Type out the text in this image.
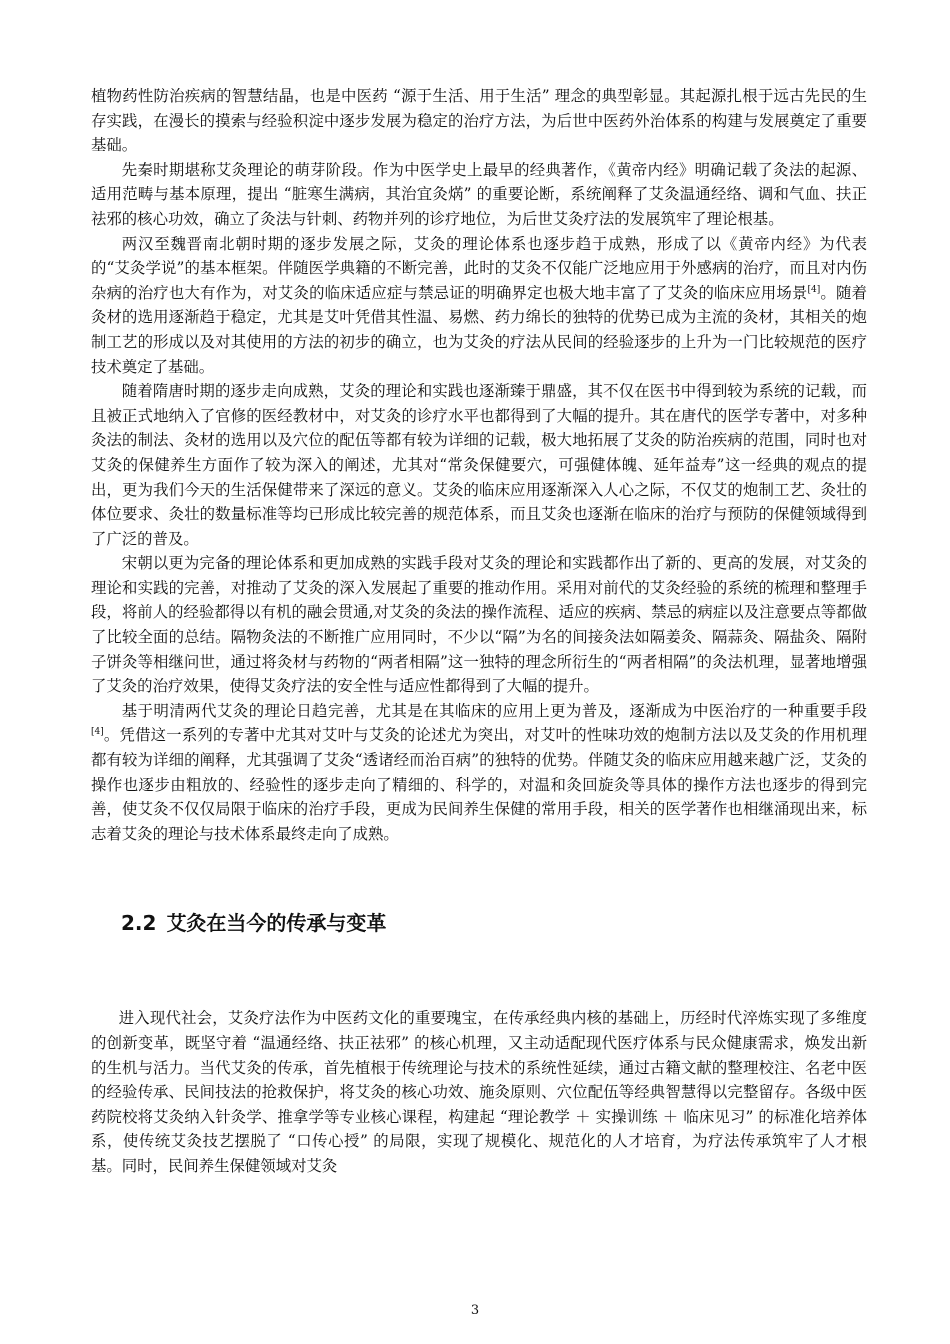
植物药性防治疾病的智慧结晶，也是中医药 “源于生活、用于生活” 理念的典型彰显。其起源扎根于远古先民的生存实践，在漫长的摸索与经验积淀中逐步发展为稳定的治疗方法，为后世中医药外治体系的构建与发展奠定了重要基础。

先秦时期堪称艾灸理论的萌芽阶段。作为中医学史上最早的经典著作，《黄帝内经》明确记载了灸法的起源、适用范畴与基本原理，提出 “脏寒生满病，其治宜灸焫” 的重要论断，系统阐释了艾灸温通经络、调和气血、扶正祛邪的核心功效，确立了灸法与针刺、药物并列的诊疗地位，为后世艾灸疗法的发展筑牢了理论根基。

两汉至魏晋南北朝时期的逐步发展之际，艾灸的理论体系也逐步趋于成熟，形成了以《黄帝内经》为代表的“艾灸学说”的基本框架。伴随医学典籍的不断完善，此时的艾灸不仅能广泛地应用于外感病的治疗，而且对内伤杂病的治疗也大有作为，对艾灸的临床适应症与禁忌证的明确界定也极大地丰富了了艾灸的临床应用场景[4]。随着灸材的选用逐渐趋于稳定，尤其是艾叶凭借其性温、易燃、药力绵长的独特的优势已成为主流的灸材，其相关的炮制工艺的形成以及对其使用的方法的初步的确立，也为艾灸的疗法从民间的经验逐步的上升为一门比较规范的医疗技术奠定了基础。

随着隋唐时期的逐步走向成熟，艾灸的理论和实践也逐渐臻于鼎盛，其不仅在医书中得到较为系统的记载，而且被正式地纳入了官修的医经教材中，对艾灸的诊疗水平也都得到了大幅的提升。其在唐代的医学专著中，对多种灸法的制法、灸材的选用以及穴位的配伍等都有较为详细的记载，极大地拓展了艾灸的防治疾病的范围，同时也对艾灸的保健养生方面作了较为深入的阐述，尤其对“常灸保健要穴，可强健体魄、延年益寿”这一经典的观点的提出，更为我们今天的生活保健带来了深远的意义。艾灸的临床应用逐渐深入人心之际，不仅艾的炮制工艺、灸壮的体位要求、灸壮的数量标准等均已形成比较完善的规范体系，而且艾灸也逐渐在临床的治疗与预防的保健领域得到了广泛的普及。

宋朝以更为完备的理论体系和更加成熟的实践手段对艾灸的理论和实践都作出了新的、更高的发展，对艾灸的理论和实践的完善，对推动了艾灸的深入发展起了重要的推动作用。采用对前代的艾灸经验的系统的梳理和整理手段，将前人的经验都得以有机的融会贯通,对艾灸的灸法的操作流程、适应的疾病、禁忌的病症以及注意要点等都做了比较全面的总结。隔物灸法的不断推广应用同时，不少以“隔”为名的间接灸法如隔姜灸、隔蒜灸、隔盐灸、隔附子饼灸等相继问世，通过将灸材与药物的“两者相隔”这一独特的理念所衍生的“两者相隔”的灸法机理，显著地增强了艾灸的治疗效果，使得艾灸疗法的安全性与适应性都得到了大幅的提升。

基于明清两代艾灸的理论日趋完善，尤其是在其临床的应用上更为普及，逐渐成为中医治疗的一种重要手段[4]。凭借这一系列的专著中尤其对艾叶与艾灸的论述尤为突出，对艾叶的性味功效的炮制方法以及艾灸的作用机理都有较为详细的阐释，尤其强调了艾灸“透诸经而治百病”的独特的优势。伴随艾灸的临床应用越来越广泛，艾灸的操作也逐步由粗放的、经验性的逐步走向了精细的、科学的，对温和灸回旋灸等具体的操作方法也逐步的得到完善，使艾灸不仅仅局限于临床的治疗手段，更成为民间养生保健的常用手段，相关的医学著作也相继涌现出来，标志着艾灸的理论与技术体系最终走向了成熟。

2.2 艾灸在当今的传承与变革

进入现代社会，艾灸疗法作为中医药文化的重要瑰宝，在传承经典内核的基础上，历经时代淬炼实现了多维度的创新变革，既坚守着 “温通经络、扶正祛邪” 的核心机理，又主动适配现代医疗体系与民众健康需求，焕发出新的生机与活力。当代艾灸的传承，首先植根于传统理论与技术的系统性延续，通过古籍文献的整理校注、名老中医的经验传承、民间技法的抢救保护，将艾灸的核心功效、施灸原则、穴位配伍等经典智慧得以完整留存。各级中医药院校将艾灸纳入针灸学、推拿学等专业核心课程，构建起 “理论教学 ＋ 实操训练 ＋ 临床见习” 的标准化培养体系，使传统艾灸技艺摆脱了 “口传心授” 的局限，实现了规模化、规范化的人才培育，为疗法传承筑牢了人才根基。同时，民间养生保健领域对艾灸

3
